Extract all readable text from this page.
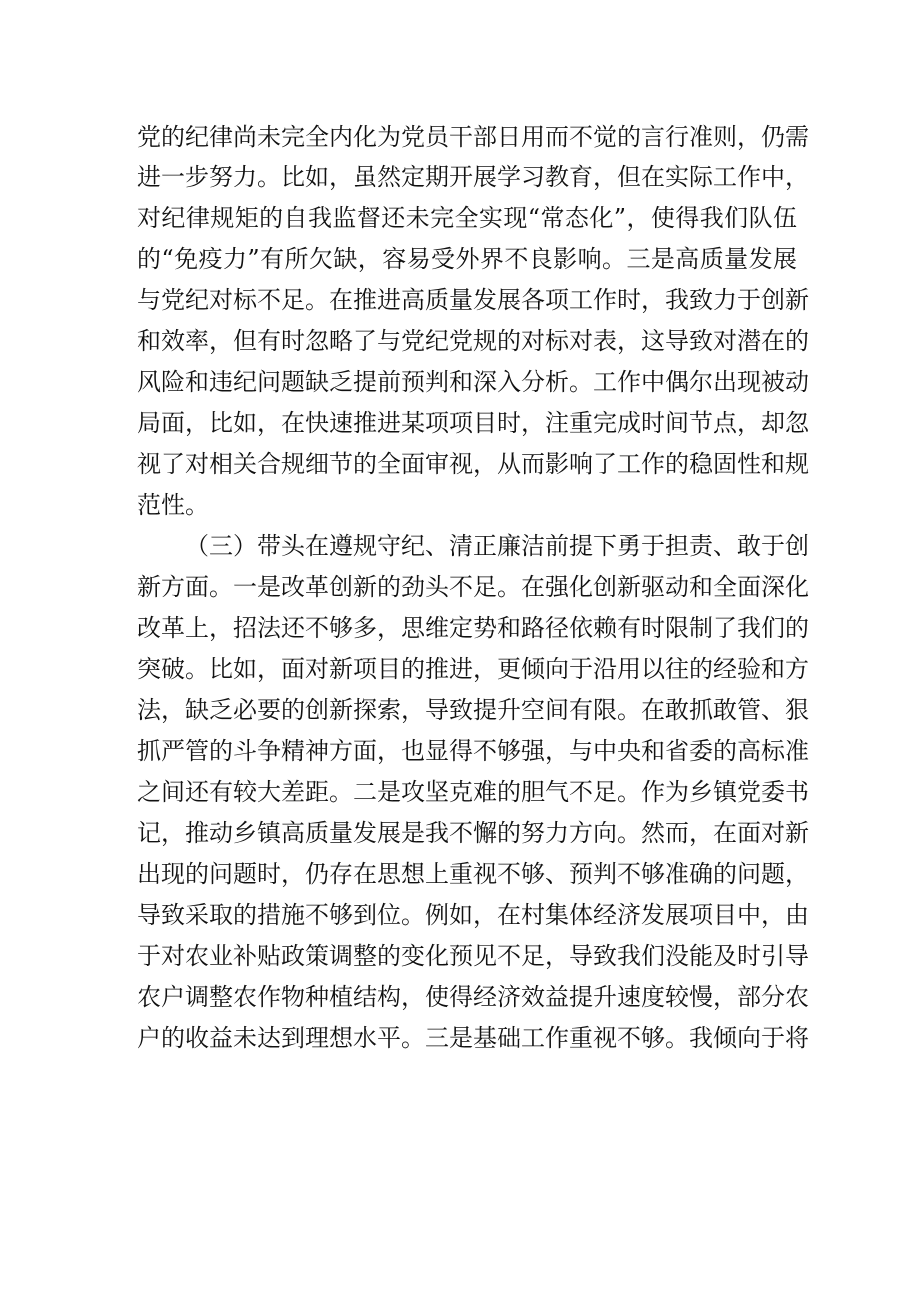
党的纪律尚未完全内化为党员干部日用而不觉的言行准则，仍需
进一步努力。比如，虽然定期开展学习教育，但在实际工作中，
对纪律规矩的自我监督还未完全实现“常态化”，使得我们队伍
的“免疫力”有所欠缺，容易受外界不良影响。三是高质量发展
与党纪对标不足。在推进高质量发展各项工作时，我致力于创新
和效率，但有时忽略了与党纪党规的对标对表，这导致对潜在的
风险和违纪问题缺乏提前预判和深入分析。工作中偶尔出现被动
局面，比如，在快速推进某项项目时，注重完成时间节点，却忽
视了对相关合规细节的全面审视，从而影响了工作的稳固性和规
范性。
（三）带头在遵规守纪、清正廉洁前提下勇于担责、敢于创
新方面。一是改革创新的劲头不足。在强化创新驱动和全面深化
改革上，招法还不够多，思维定势和路径依赖有时限制了我们的
突破。比如，面对新项目的推进，更倾向于沿用以往的经验和方
法，缺乏必要的创新探索，导致提升空间有限。在敢抓敢管、狠
抓严管的斗争精神方面，也显得不够强，与中央和省委的高标准
之间还有较大差距。二是攻坚克难的胆气不足。作为乡镇党委书
记，推动乡镇高质量发展是我不懈的努力方向。然而，在面对新
出现的问题时，仍存在思想上重视不够、预判不够准确的问题，
导致采取的措施不够到位。例如，在村集体经济发展项目中，由
于对农业补贴政策调整的变化预见不足，导致我们没能及时引导
农户调整农作物种植结构，使得经济效益提升速度较慢，部分农
户的收益未达到理想水平。三是基础工作重视不够。我倾向于将
